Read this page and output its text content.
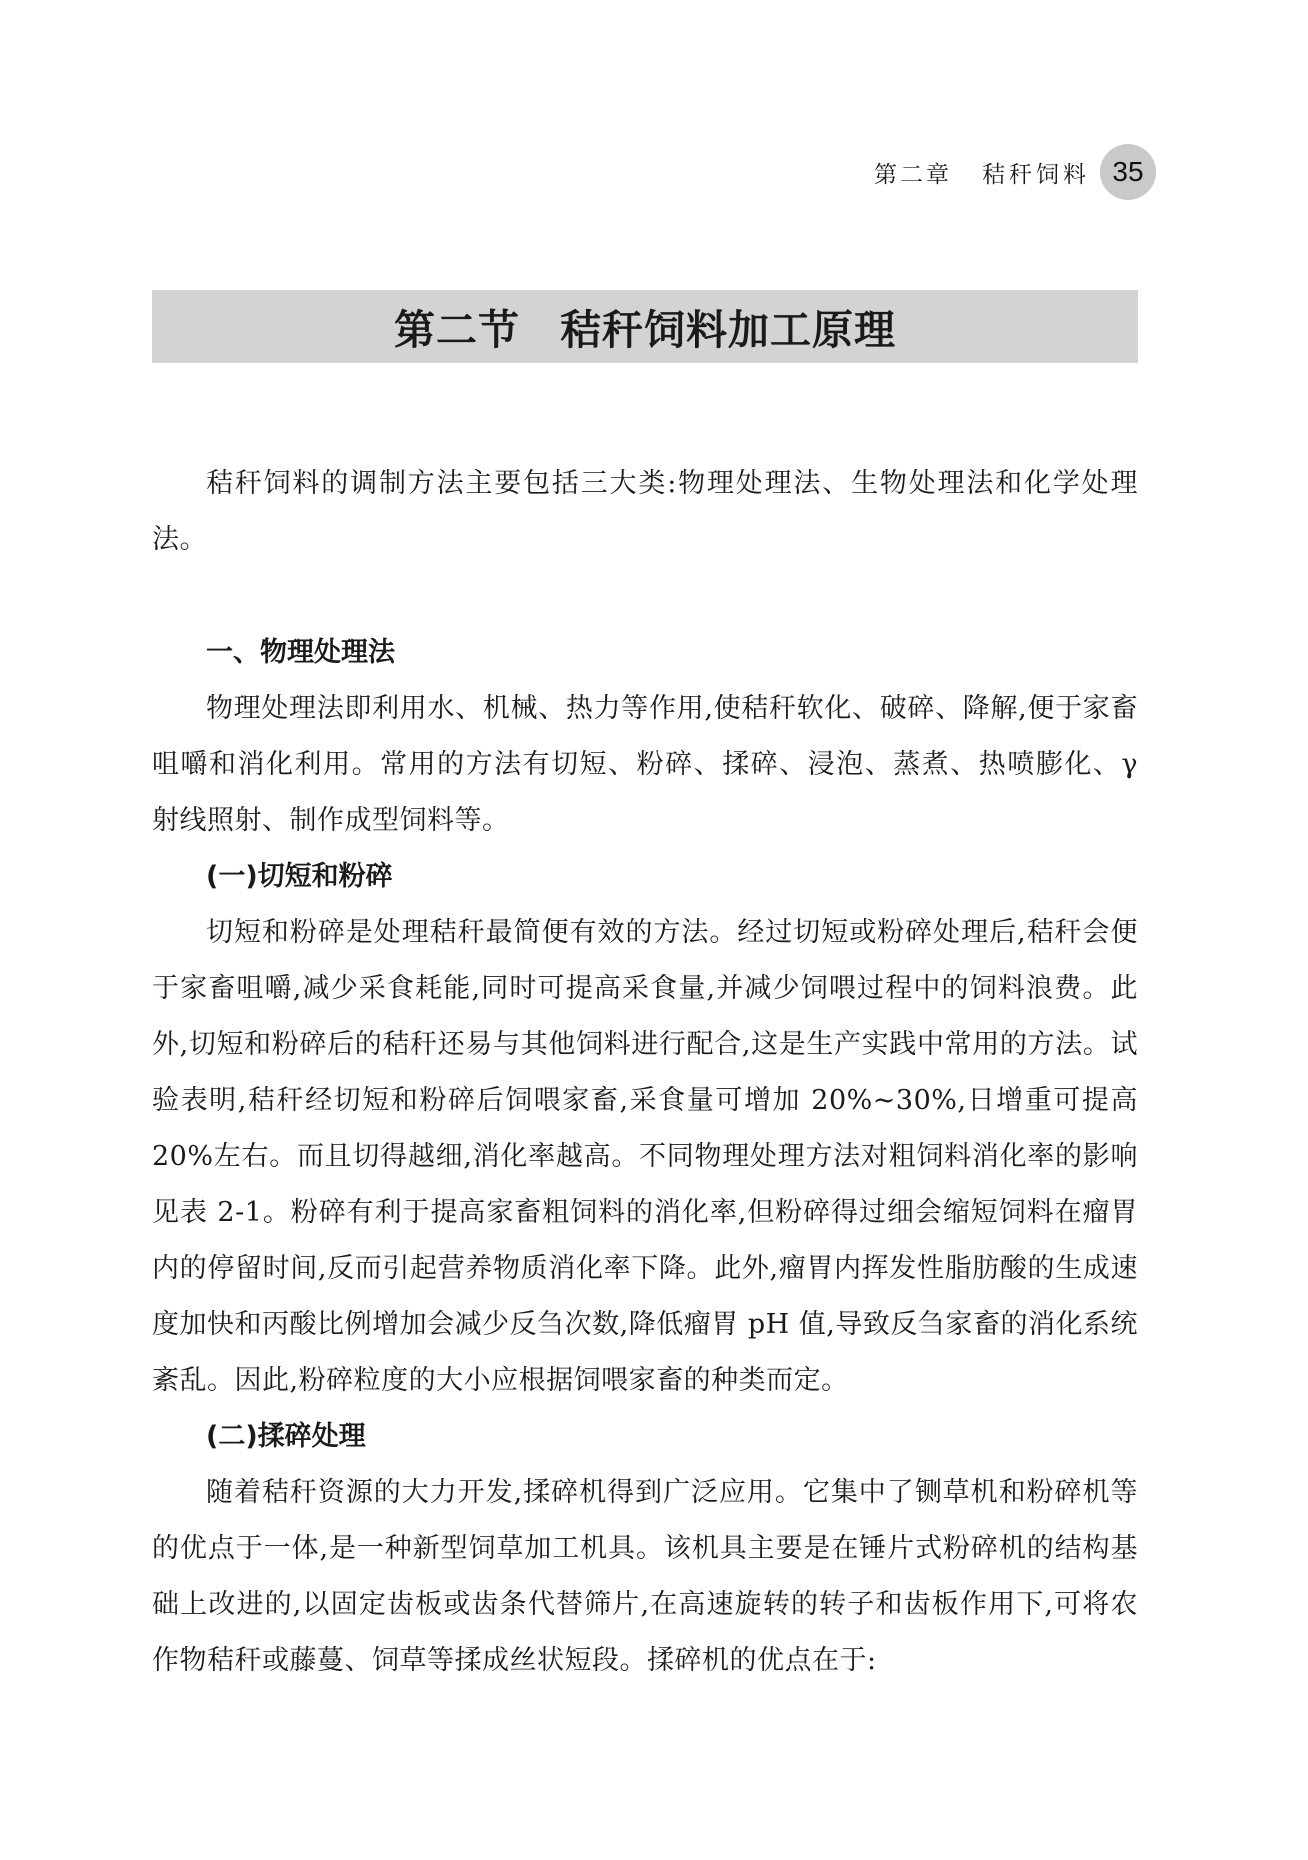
第二章 秸秆饲料 35
第二节 秸秆饲料加工原理

秸秆饲料的调制方法主要包括三大类:物理处理法、生物处理法和化学处理法。

一、物理处理法

物理处理法即利用水、机械、热力等作用,使秸秆软化、破碎、降解,便于家畜咀嚼和消化利用。常用的方法有切短、粉碎、揉碎、浸泡、蒸煮、热喷膨化、γ 射线照射、制作成型饲料等。

(一)切短和粉碎

切短和粉碎是处理秸秆最简便有效的方法。经过切短或粉碎处理后,秸秆会便于家畜咀嚼,减少采食耗能,同时可提高采食量,并减少饲喂过程中的饲料浪费。此外,切短和粉碎后的秸秆还易与其他饲料进行配合,这是生产实践中常用的方法。试验表明,秸秆经切短和粉碎后饲喂家畜,采食量可增加 20%~30%,日增重可提高 20%左右。而且切得越细,消化率越高。不同物理处理方法对粗饲料消化率的影响见表 2-1。粉碎有利于提高家畜粗饲料的消化率,但粉碎得过细会缩短饲料在瘤胃内的停留时间,反而引起营养物质消化率下降。此外,瘤胃内挥发性脂肪酸的生成速度加快和丙酸比例增加会减少反刍次数,降低瘤胃 pH 值,导致反刍家畜的消化系统紊乱。因此,粉碎粒度的大小应根据饲喂家畜的种类而定。

(二)揉碎处理

随着秸秆资源的大力开发,揉碎机得到广泛应用。它集中了铡草机和粉碎机等的优点于一体,是一种新型饲草加工机具。该机具主要是在锤片式粉碎机的结构基础上改进的,以固定齿板或齿条代替筛片,在高速旋转的转子和齿板作用下,可将农作物秸秆或藤蔓、饲草等揉成丝状短段。揉碎机的优点在于:
